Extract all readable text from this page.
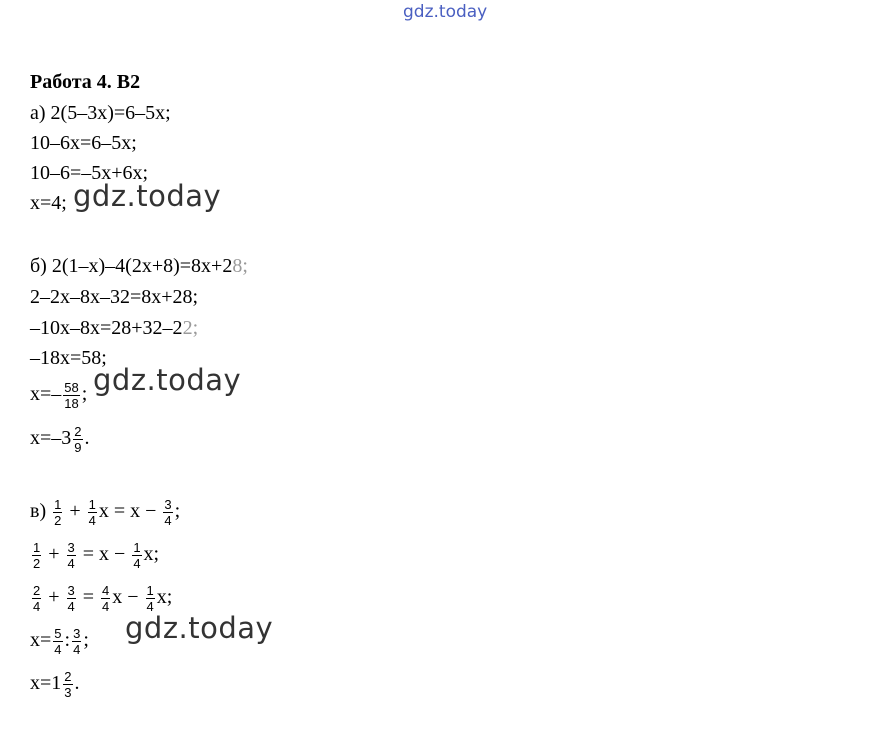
gdz.today
Работа 4. В2
а) 2(5–3х)=6–5х;
10–6х=6–5х;
10–6=–5х+6х;
х=4; gdz.today
б) 2(1–х)–4(2х+8)=8х+28;
2–2х–8х–32=8х+28;
–10х–8х=28+32–22;
–18х=58;
$х=- \frac{58}{18}$ ; gdz.today
$х=-3 \frac{2}{9}$ .
$в) \frac{1}{2} + \frac{1}{4}$ $х = х - \frac{3}{4}$ ;
$\frac{1}{2} + \frac{3}{4} = х - \frac{1}{4} х$;
$\frac{2}{4} + \frac{3}{4} = \frac{4}{4}$ $х - \frac{1}{4} х$;
$х= \frac{5}{4}$ : $\frac{3}{4}$ ; gdz.today
$х=1 \frac{2}{3}$ .
